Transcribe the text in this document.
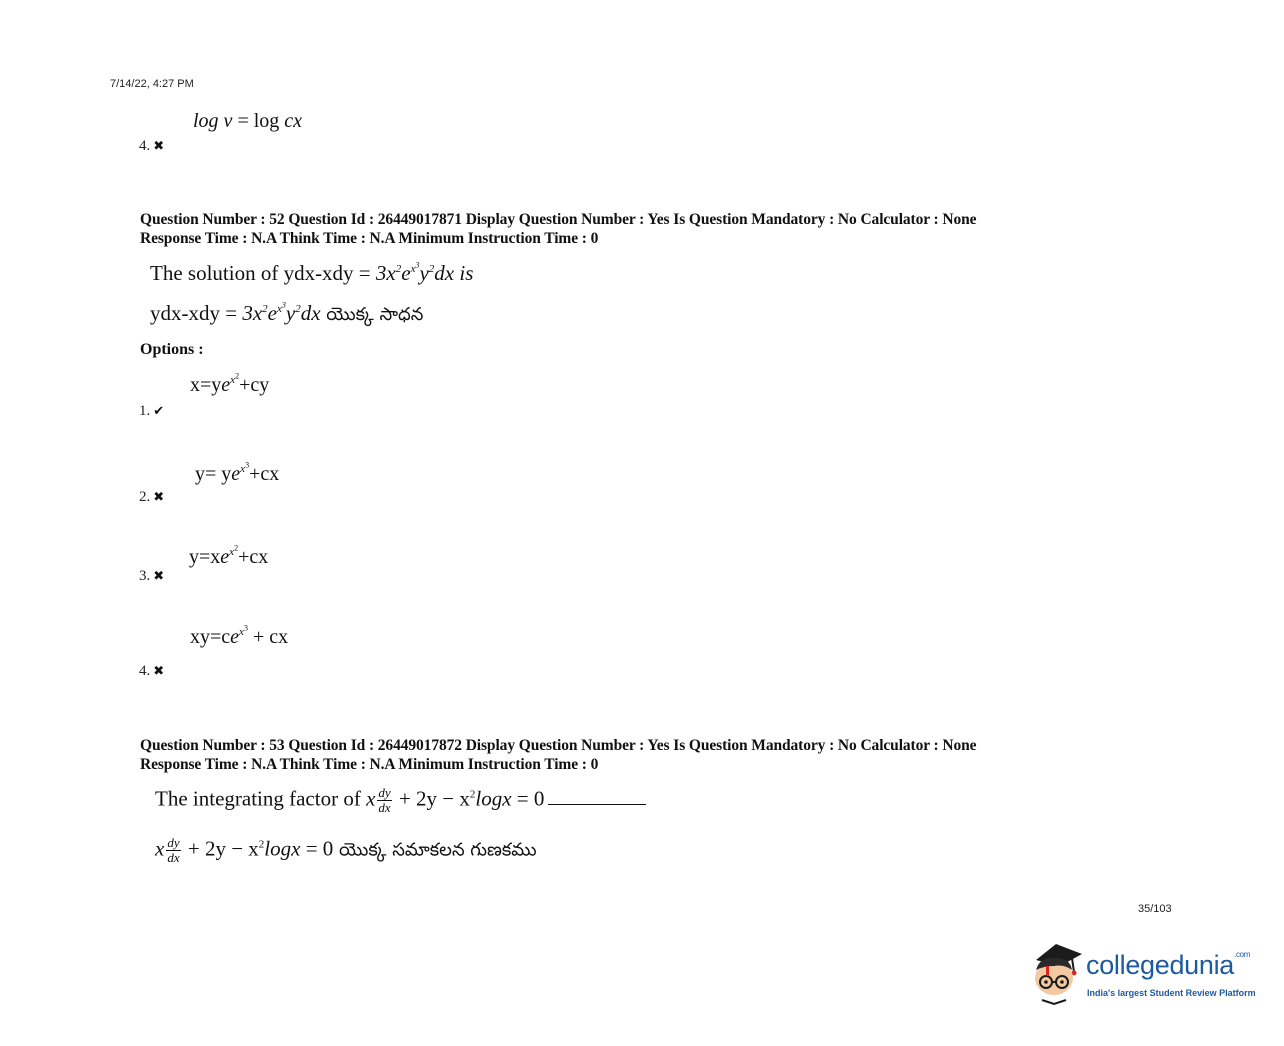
7/14/22, 4:27 PM
log v = log cx
4. ✖
Question Number : 52 Question Id : 26449017871 Display Question Number : Yes Is Question Mandatory : No Calculator : None
Response Time : N.A Think Time : N.A Minimum Instruction Time : 0
The solution of $ydx-xdy = 3x^2e^{x^3}y^2dx$ is
$ydx-xdy = 3x^2e^{x^3}y^2dx$ యొక్క సాధన
Options :
$x=ye^{x^2}+cy$
1. ✔
$y= ye^{x^3}+cx$
2. ✖
$y=xe^{x^2}+cx$
3. ✖
$xy=ce^{x^3}$ + cx
4. ✖
Question Number : 53 Question Id : 26449017872 Display Question Number : Yes Is Question Mandatory : No Calculator : None
Response Time : N.A Think Time : N.A Minimum Instruction Time : 0
The integrating factor of x $\frac{dy}{dx} + 2y - x^2\log x = 0$
x $\frac{dy}{dx} + 2y - x^2\log x = 0$ యొక్క సమాకలన గుణకము
35/103
collegedunia$^{.com}$
India's largest Student Review Platform
